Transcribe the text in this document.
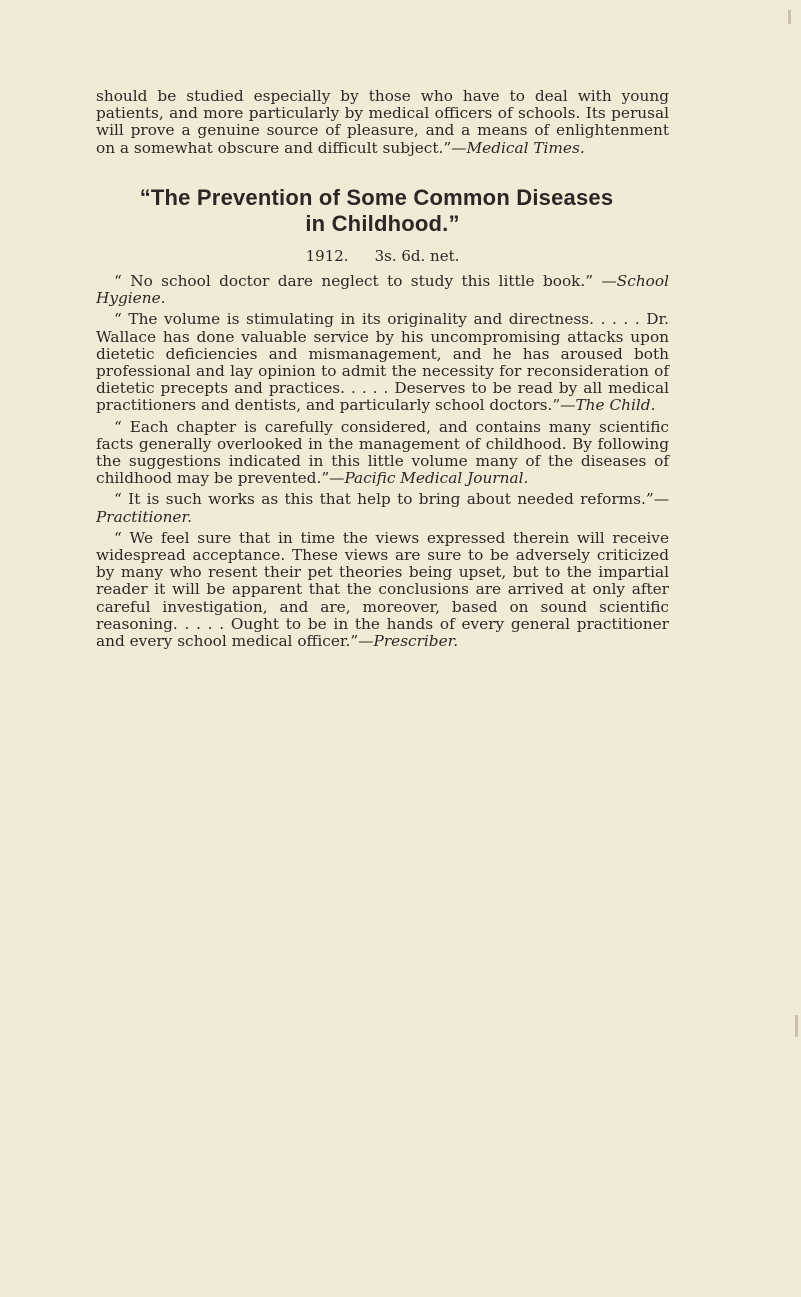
should be studied especially by those who have to deal with young patients, and more particularly by medical officers of schools. Its perusal will prove a genuine source of pleasure, and a means of enlightenment on a somewhat obscure and difficult subject.”—Medical Times.

“The Prevention of Some Common Diseases
in Childhood.”

1912. 3s. 6d. net.

“ No school doctor dare neglect to study this little book.” —School Hygiene.

“ The volume is stimulating in its originality and directness. . . . . Dr. Wallace has done valuable service by his uncompromising attacks upon dietetic deficiencies and mismanagement, and he has aroused both professional and lay opinion to admit the necessity for reconsideration of dietetic precepts and practices. . . . . Deserves to be read by all medical practitioners and dentists, and particularly school doctors.”—The Child.

“ Each chapter is carefully considered, and contains many scientific facts generally overlooked in the management of childhood. By following the suggestions indicated in this little volume many of the diseases of childhood may be prevented.”—Pacific Medical Journal.

“ It is such works as this that help to bring about needed reforms.”—Practitioner.

“ We feel sure that in time the views expressed therein will receive widespread acceptance. These views are sure to be adversely criticized by many who resent their pet theories being upset, but to the impartial reader it will be apparent that the conclusions are arrived at only after careful investigation, and are, moreover, based on sound scientific reasoning. . . . . Ought to be in the hands of every general practitioner and every school medical officer.”—Prescriber.
